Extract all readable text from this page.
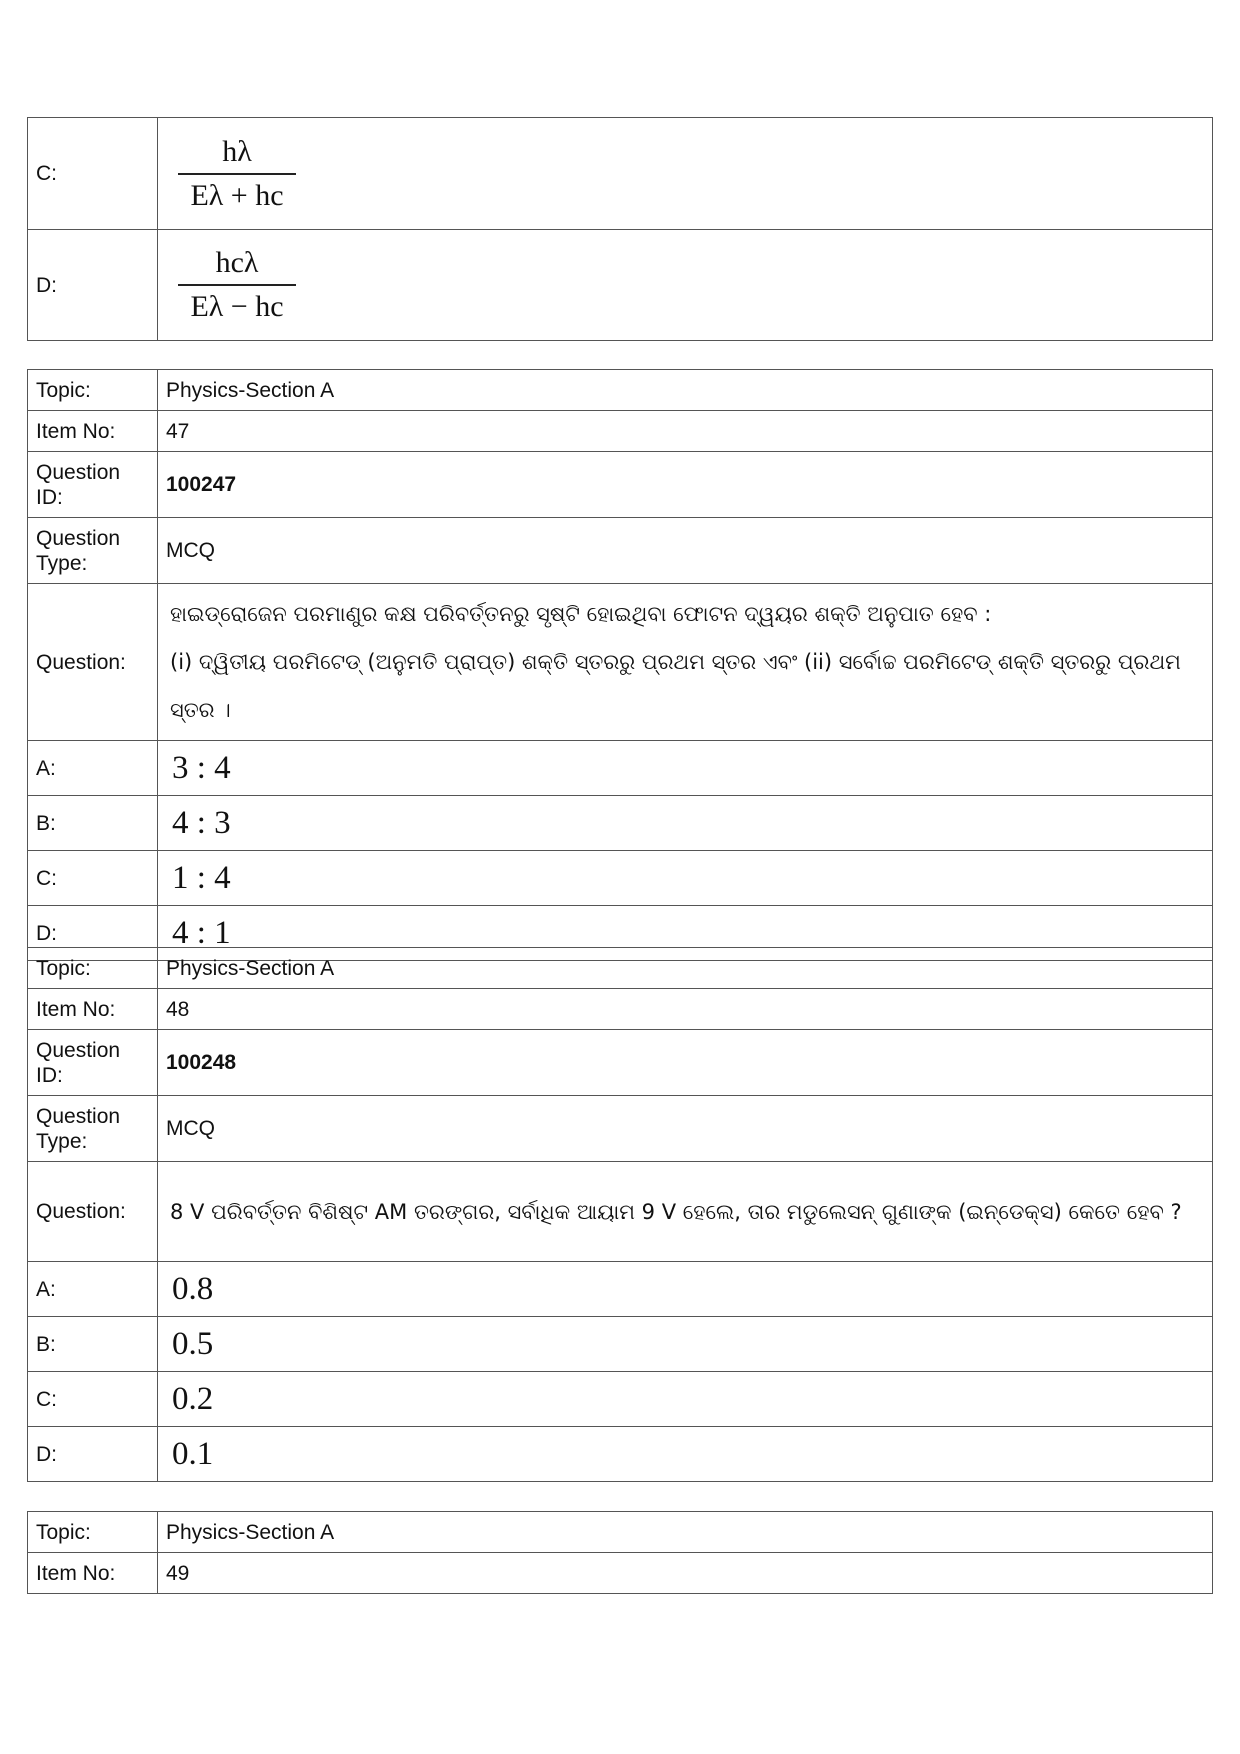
C:	$\frac{h\lambda}{E\lambda + hc}$

D:	$\frac{\text{hcλ}}{E\lambda - hc}$
Topic:	Physics-Section A
Item No:	47
Question ID:	100247
Question Type:	MCQ
Question:	ହାଇଡ୍ରୋଜେନ ପରମାଣୁର କକ୍ଷ ପରିବର୍ତ୍ତନରୁ ସୃଷ୍ଟି ହୋଇଥିବା ଫୋଟନ ଦ୍ୱୟର ଶକ୍ତି ଅନୁପାତ ହେବ :
(i) ଦ୍ୱିତୀୟ ପରମିଟେଡ୍ (ଅନୁମତି ପ୍ରାପ୍ତ) ଶକ୍ତି ସ୍ତରରୁ ପ୍ରଥମ ସ୍ତର ଏବଂ (ii) ସର୍ବୋଚ୍ଚ ପରମିଟେଡ୍ ଶକ୍ତି ସ୍ତରରୁ ପ୍ରଥମ ସ୍ତର ।

A:	3 : 4
B:	4 : 3
C:	1 : 4
D:	4 : 1
Topic:	Physics-Section A
Item No:	48
Question ID:	100248
Question Type:	MCQ
Question:	8 V ପରିବର୍ତ୍ତନ ବିଶିଷ୍ଟ AM ତରଙ୍ଗର, ସର୍ବାଧିକ ଆୟାମ 9 V ହେଲେ, ତାର ମଡୁଲେସନ୍ ଗୁଣାଙ୍କ (ଇନ୍‌ଡେକ୍ସ) କେତେ ହେବ ?
A:	0.8
B:	0.5
C:	0.2
D:	0.1
Topic:	Physics-Section A
Item No:	49
